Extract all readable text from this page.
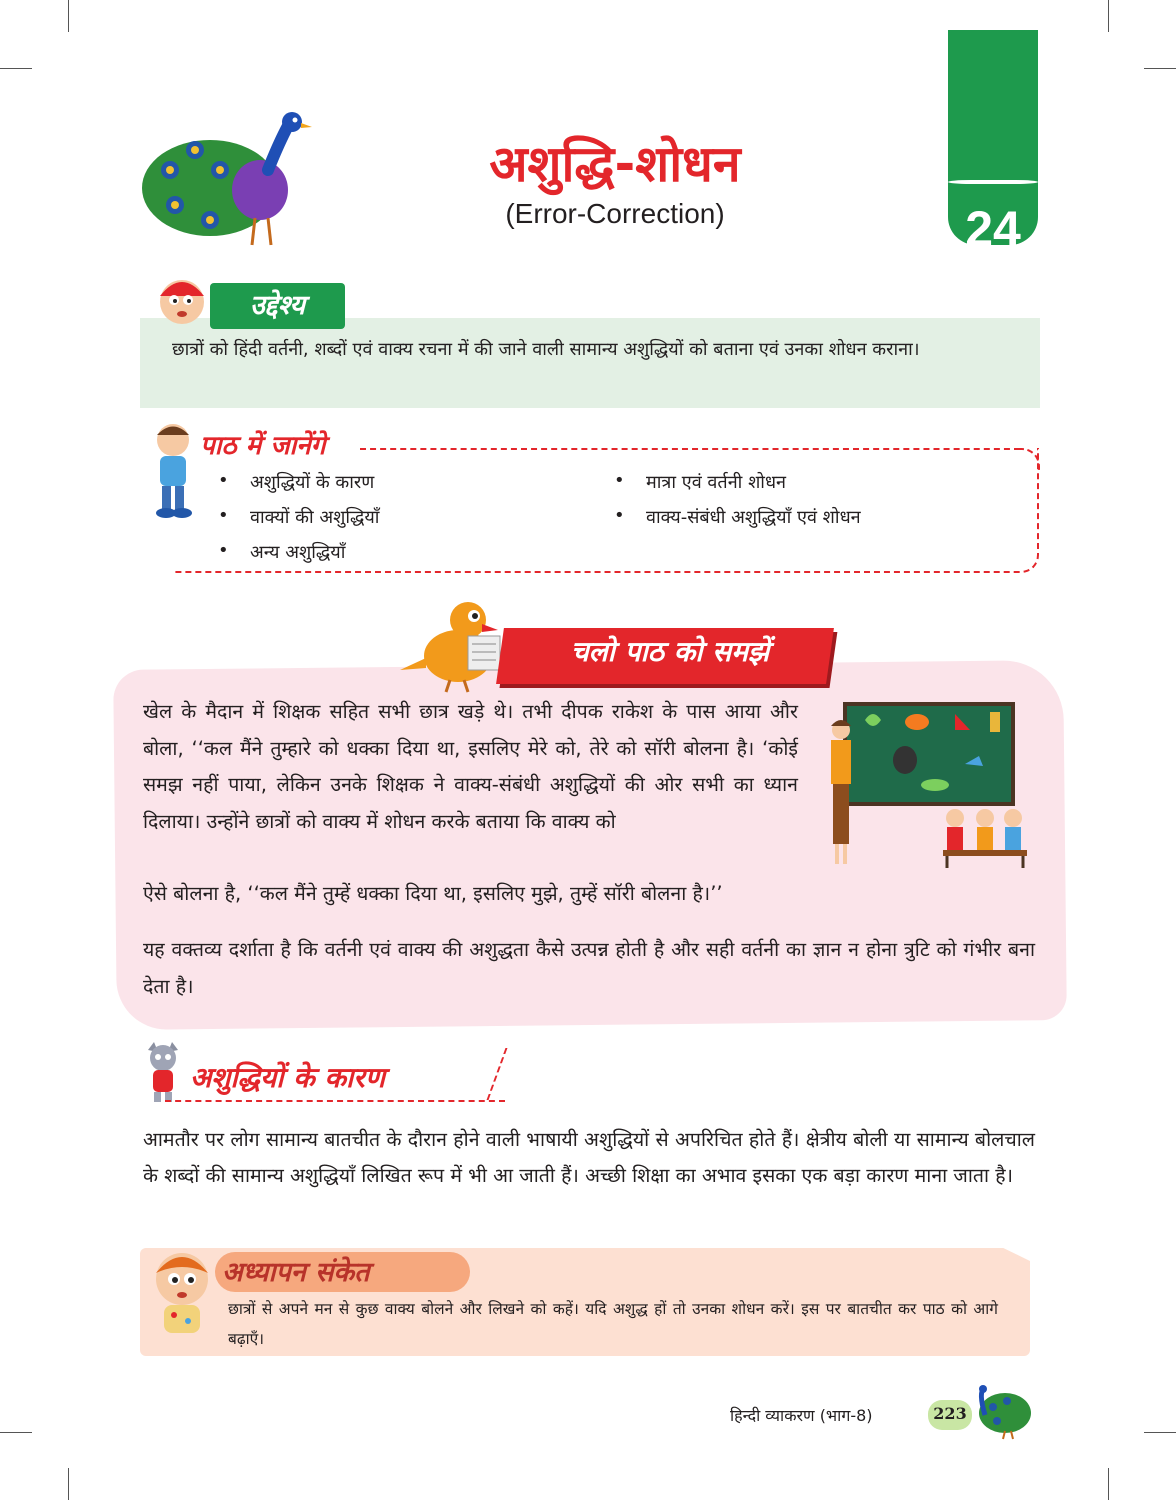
24
अशुद्धि-शोधन
(Error-Correction)
उद्देश्य
छात्रों को हिंदी वर्तनी, शब्दों एवं वाक्य रचना में की जाने वाली सामान्य अशुद्धियों को बताना एवं उनका शोधन कराना।
पाठ में जानेंगे
• अशुद्धियों के कारण
• वाक्यों की अशुद्धियाँ
• अन्य अशुद्धियाँ
• मात्रा एवं वर्तनी शोधन
• वाक्य-संबंधी अशुद्धियाँ एवं शोधन
चलो पाठ को समझें
खेल के मैदान में शिक्षक सहित सभी छात्र खड़े थे। तभी दीपक राकेश के पास आया और बोला, ‘‘कल मैंने तुम्हारे को धक्का दिया था, इसलिए मेरे को, तेरे को सॉरी बोलना है। ‘कोई समझ नहीं पाया, लेकिन उनके शिक्षक ने वाक्य-संबंधी अशुद्धियों की ओर सभी का ध्यान दिलाया। उन्होंने छात्रों को वाक्य में शोधन करके बताया कि वाक्य को
ऐसे बोलना है, ‘‘कल मैंने तुम्हें धक्का दिया था, इसलिए मुझे, तुम्हें सॉरी बोलना है।’’
यह वक्तव्य दर्शाता है कि वर्तनी एवं वाक्य की अशुद्धता कैसे उत्पन्न होती है और सही वर्तनी का ज्ञान न होना त्रुटि को गंभीर बना देता है।
अशुद्धियों के कारण
आमतौर पर लोग सामान्य बातचीत के दौरान होने वाली भाषायी अशुद्धियों से अपरिचित होते हैं। क्षेत्रीय बोली या सामान्य बोलचाल के शब्दों की सामान्य अशुद्धियाँ लिखित रूप में भी आ जाती हैं। अच्छी शिक्षा का अभाव इसका एक बड़ा कारण माना जाता है।
अध्यापन संकेत
छात्रों से अपने मन से कुछ वाक्य बोलने और लिखने को कहें। यदि अशुद्ध हों तो उनका शोधन करें। इस पर बातचीत कर पाठ को आगे बढ़ाएँ।
हिन्दी व्याकरण (भाग-8)	223
